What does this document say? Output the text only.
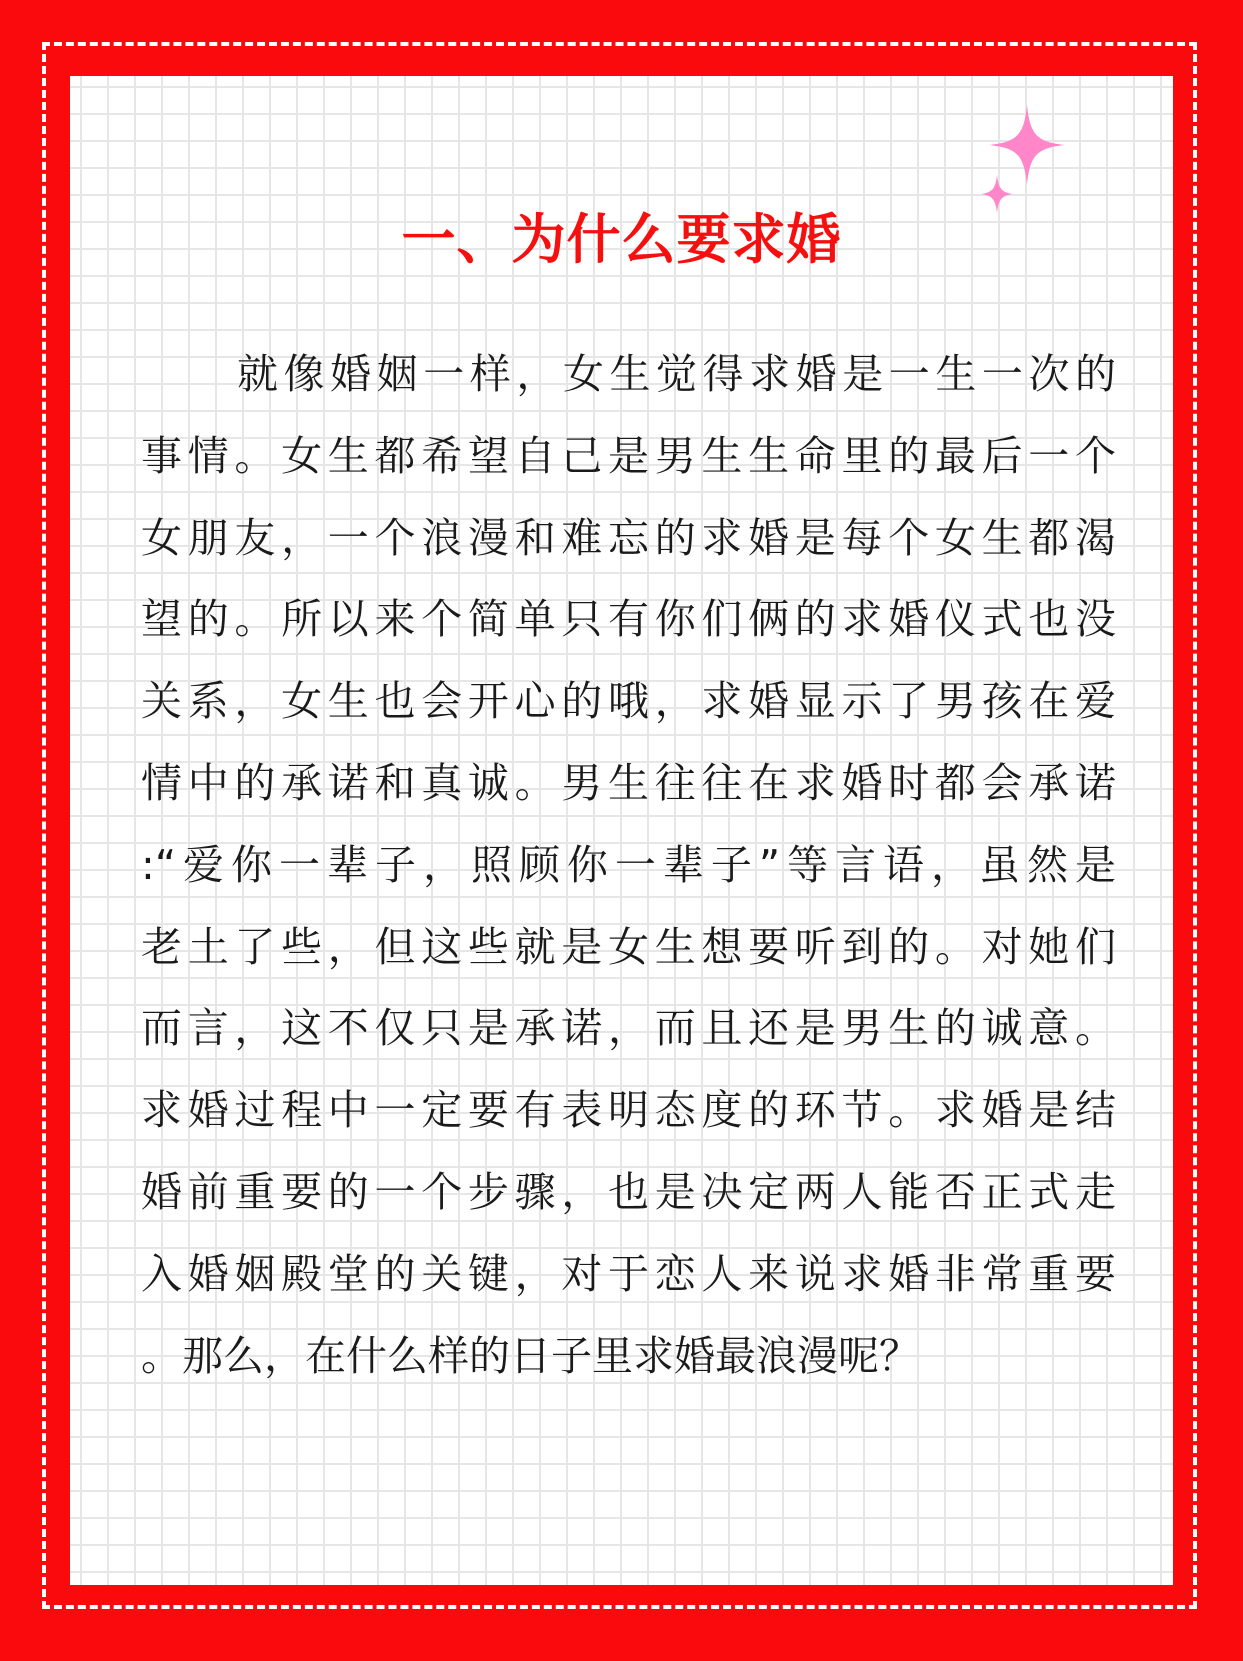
一、为什么要求婚
就像婚姻一样，女生觉得求婚是一生一次的
事情。女生都希望自己是男生生命里的最后一个
女朋友，一个浪漫和难忘的求婚是每个女生都渴
望的。所以来个简单只有你们俩的求婚仪式也没
关系，女生也会开心的哦，求婚显示了男孩在爱
情中的承诺和真诚。男生往往在求婚时都会承诺
:“爱你一辈子，照顾你一辈子”等言语，虽然是
老土了些，但这些就是女生想要听到的。对她们
而言，这不仅只是承诺，而且还是男生的诚意。
求婚过程中一定要有表明态度的环节。求婚是结
婚前重要的一个步骤，也是决定两人能否正式走
入婚姻殿堂的关键，对于恋人来说求婚非常重要
。那么，在什么样的日子里求婚最浪漫呢？
